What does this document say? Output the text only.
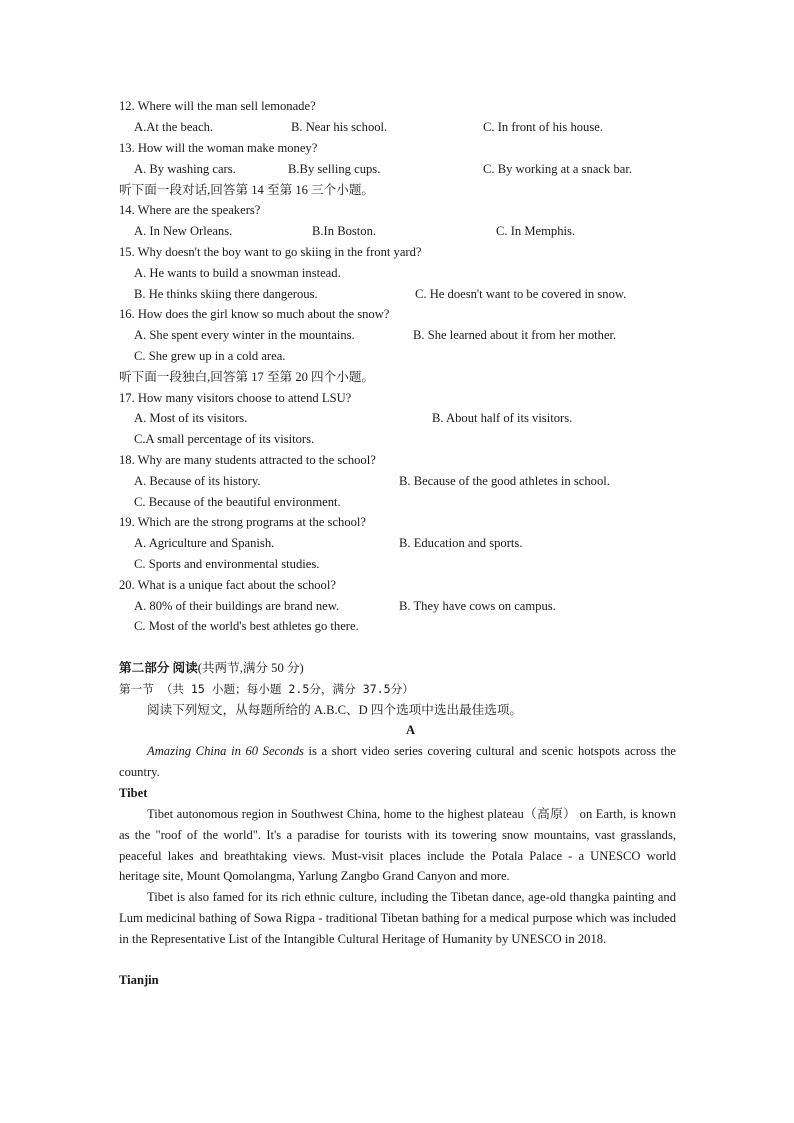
12. Where will the man sell lemonade?
A.At the beach.	B. Near his school.	C. In front of his house.
13. How will the woman make money?
A. By washing cars.	B.By selling cups.	C. By working at a snack bar.
听下面一段对话,回答第 14 至第 16 三个小题。
14. Where are the speakers?
A. In New Orleans.	B.In Boston.	C. In Memphis.
15. Why doesn't the boy want to go skiing in the front yard?
A. He wants to build a snowman instead.
B. He thinks skiing there dangerous.	C. He doesn't want to be covered in snow.
16. How does the girl know so much about the snow?
A. She spent every winter in the mountains.	B. She learned about it from her mother.
C. She grew up in a cold area.
听下面一段独白,回答第 17 至第 20 四个小题。
17. How many visitors choose to attend LSU?
A. Most of its visitors.	B. About half of its visitors.
C.A small percentage of its visitors.
18. Why are many students attracted to the school?
A. Because of its history.	B. Because of the good athletes in school.
C. Because of the beautiful environment.
19. Which are the strong programs at the school?
A. Agriculture and Spanish.	B. Education and sports.
C. Sports and environmental studies.
20. What is a unique fact about the school?
A. 80% of their buildings are brand new.	B. They have cows on campus.
C. Most of the world's best athletes go there.
第二部分 阅读(共两节,满分 50 分)
第一节 （共 15 小题；每小题 2.5分，满分 37.5分）
阅读下列短文，从每题所给的 A.B.C、D 四个选项中选出最佳选项。
A
Amazing China in 60 Seconds is a short video series covering cultural and scenic hotspots across the country.
Tibet
Tibet autonomous region in Southwest China, home to the highest plateau（高原） on Earth, is known as the "roof of the world". It's a paradise for tourists with its towering snow mountains, vast grasslands, peaceful lakes and breathtaking views. Must-visit places include the Potala Palace - a UNESCO world heritage site, Mount Qomolangma, Yarlung Zangbo Grand Canyon and more.
Tibet is also famed for its rich ethnic culture, including the Tibetan dance, age-old thangka painting and Lum medicinal bathing of Sowa Rigpa - traditional Tibetan bathing for a medical purpose which was included in the Representative List of the Intangible Cultural Heritage of Humanity by UNESCO in 2018.
Tianjin
